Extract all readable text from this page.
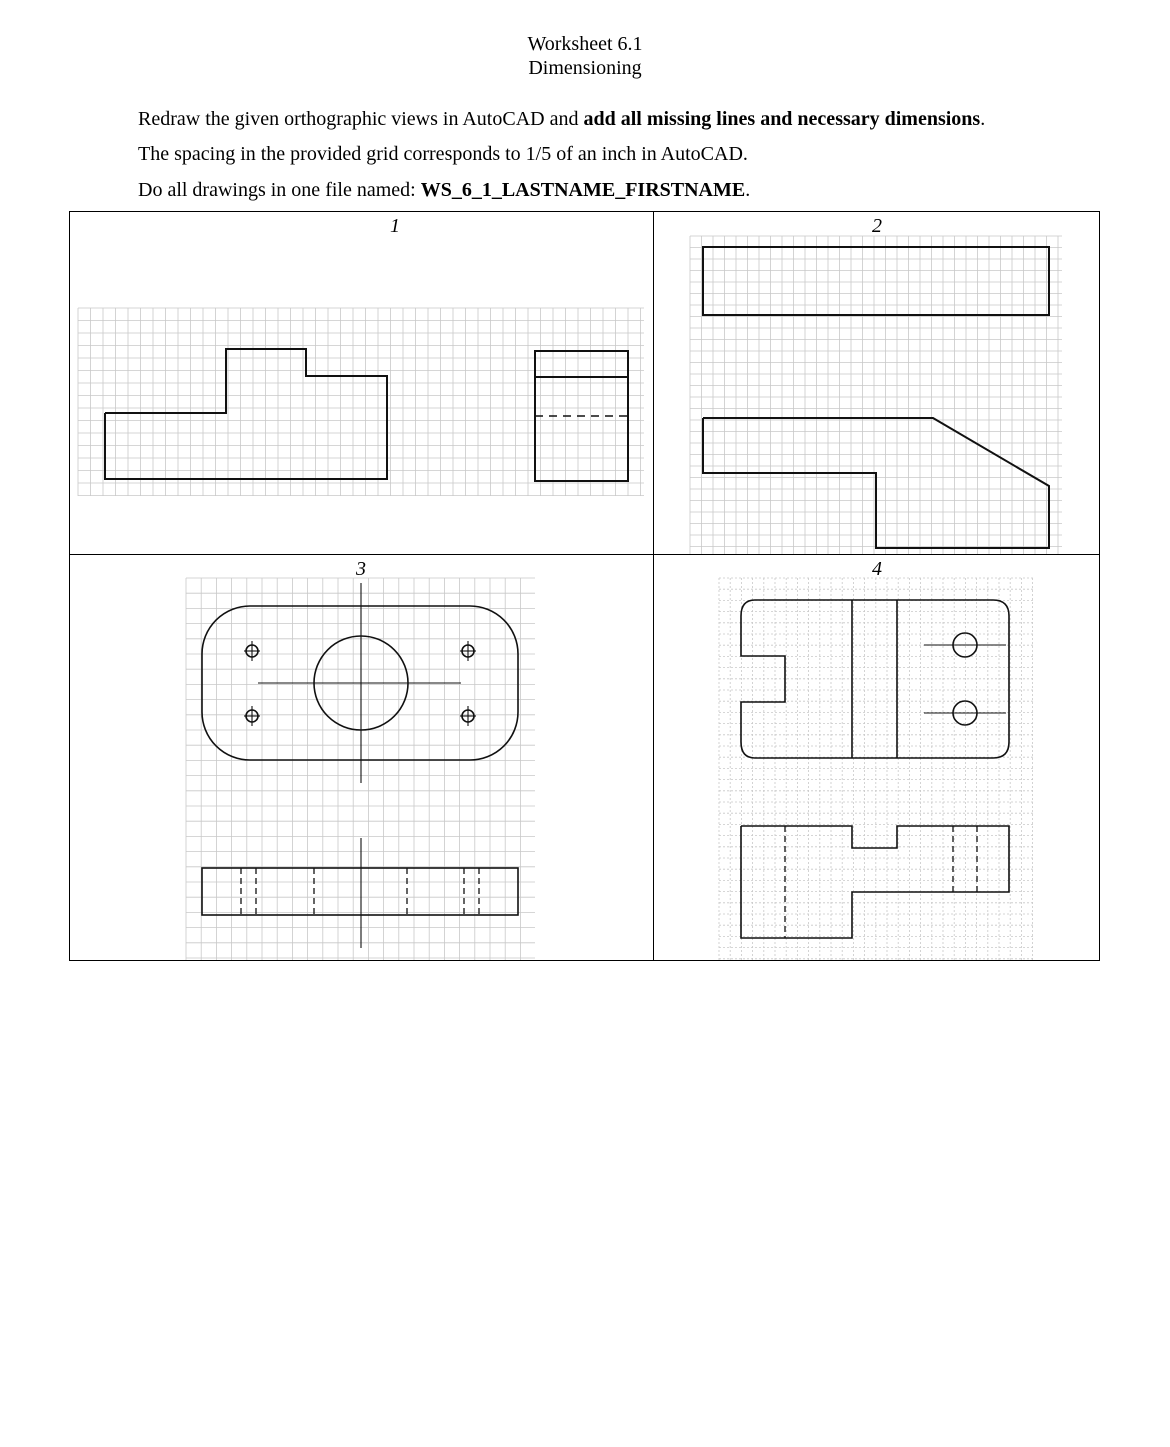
Worksheet 6.1
Dimensioning
Redraw the given orthographic views in AutoCAD and add all missing lines and necessary dimensions.
The spacing in the provided grid corresponds to 1/5 of an inch in AutoCAD.
Do all drawings in one file named: WS_6_1_LASTNAME_FIRSTNAME.
1	2
3	4
